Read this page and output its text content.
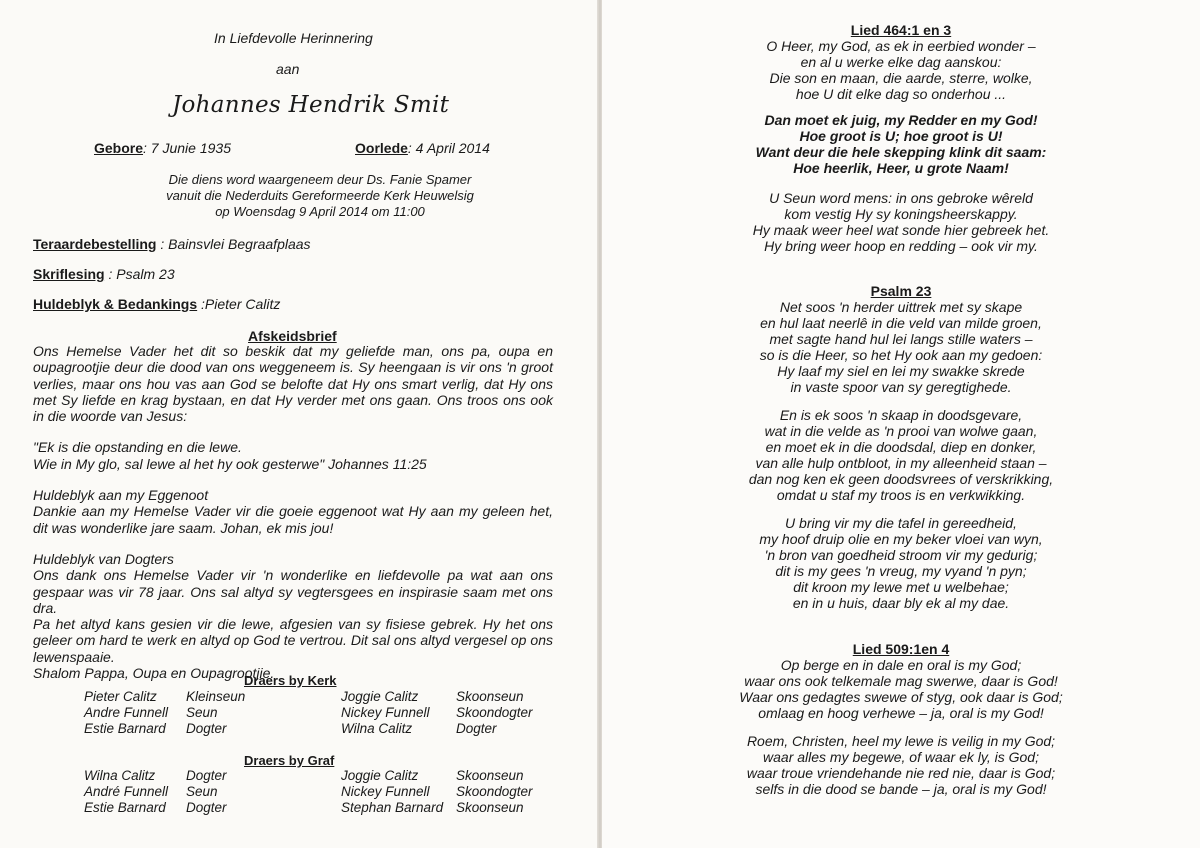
In Liefdevolle Herinnering
aan
Johannes Hendrik Smit
Gebore: 7 Junie 1935	Oorlede: 4 April 2014
Die diens word waargeneem deur Ds. Fanie Spamer
vanuit die Nederduits Gereformeerde Kerk Heuwelsig
op Woensdag 9 April 2014 om 11:00
Teraardebestelling : Bainsvlei Begraafplaas
Skriflesing : Psalm 23
Huldeblyk & Bedankings :Pieter Calitz
Afskeidsbrief
Ons Hemelse Vader het dit so beskik dat my geliefde man, ons pa, oupa en oupagrootjie deur die dood van ons weggeneem is. Sy heengaan is vir ons 'n groot verlies, maar ons hou vas aan God se belofte dat Hy ons smart verlig, dat Hy ons met Sy liefde en krag bystaan, en dat Hy verder met ons gaan. Ons troos ons ook in die woorde van Jesus:
"Ek is die opstanding en die lewe.
Wie in My glo, sal lewe al het hy ook gesterwe" Johannes 11:25
Huldeblyk aan my Eggenoot
Dankie aan my Hemelse Vader vir die goeie eggenoot wat Hy aan my geleen het, dit was wonderlike jare saam. Johan, ek mis jou!
Huldeblyk van Dogters
Ons dank ons Hemelse Vader vir 'n wonderlike en liefdevolle pa wat aan ons gespaar was vir 78 jaar. Ons sal altyd sy vegtersgees en inspirasie saam met ons dra.
Pa het altyd kans gesien vir die lewe, afgesien van sy fisiese gebrek. Hy het ons geleer om hard te werk en altyd op God te vertrou. Dit sal ons altyd vergesel op ons lewenspaaie.
Shalom Pappa, Oupa en Oupagrootjie.
Draers by Kerk
Pieter Calitz Kleinseun	Joggie Calitz	Skoonseun
Andre Funnell Seun	Nickey Funnell Skoondogter
Estie Barnard Dogter	Wilna Calitz	Dogter
Draers by Graf
Wilna Calitz Dogter	Joggie Calitz	Skoonseun
André Funnell Seun	Nickey Funnell Skoondogter
Estie Barnard Dogter	Stephan Barnard Skoonseun
Lied 464:1 en 3
O Heer, my God, as ek in eerbied wonder –
en al u werke elke dag aanskou:
Die son en maan, die aarde, sterre, wolke,
hoe U dit elke dag so onderhou ...
Dan moet ek juig, my Redder en my God!
Hoe groot is U; hoe groot is U!
Want deur die hele skepping klink dit saam:
Hoe heerlik, Heer, u grote Naam!
U Seun word mens: in ons gebroke wêreld
kom vestig Hy sy koningsheerskappy.
Hy maak weer heel wat sonde hier gebreek het.
Hy bring weer hoop en redding – ook vir my.
Psalm 23
Net soos 'n herder uittrek met sy skape
en hul laat neerlê in die veld van milde groen,
met sagte hand hul lei langs stille waters –
so is die Heer, so het Hy ook aan my gedoen:
Hy laaf my siel en lei my swakke skrede
in vaste spoor van sy geregtighede.
En is ek soos 'n skaap in doodsgevare,
wat in die velde as 'n prooi van wolwe gaan,
en moet ek in die doodsdal, diep en donker,
van alle hulp ontbloot, in my alleenheid staan –
dan nog ken ek geen doodsvrees of verskrikking,
omdat u staf my troos is en verkwikking.
U bring vir my die tafel in gereedheid,
my hoof druip olie en my beker vloei van wyn,
'n bron van goedheid stroom vir my gedurig;
dit is my gees 'n vreug, my vyand 'n pyn;
dit kroon my lewe met u welbehae;
en in u huis, daar bly ek al my dae.
Lied 509:1en 4
Op berge en in dale en oral is my God;
waar ons ook telkemale mag swerwe, daar is God!
Waar ons gedagtes swewe of styg, ook daar is God;
omlaag en hoog verhewe – ja, oral is my God!
Roem, Christen, heel my lewe is veilig in my God;
waar alles my begewe, of waar ek ly, is God;
waar troue vriendehande nie red nie, daar is God;
selfs in die dood se bande – ja, oral is my God!
